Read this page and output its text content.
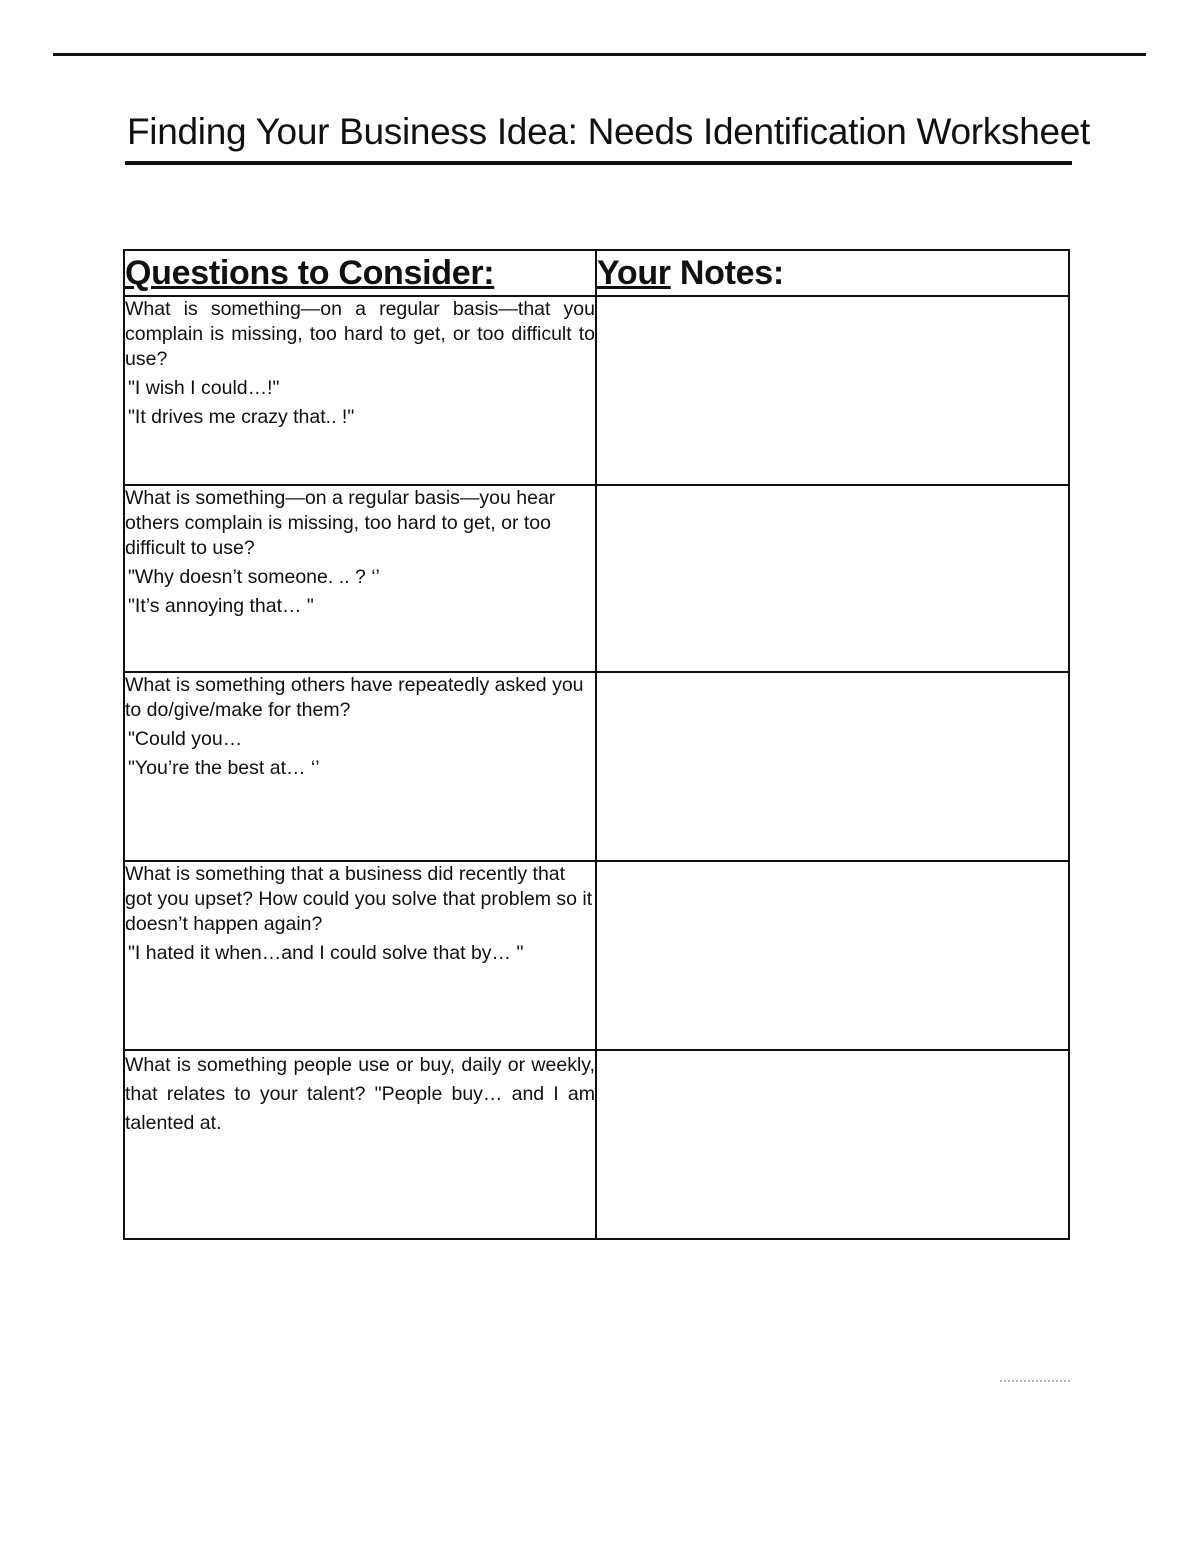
Finding Your Business Idea: Needs Identification Worksheet
Questions to Consider:	Your Notes:

What is something—on a regular basis—that you complain is missing, too hard to get, or too difficult to use?
"I wish I could…!"
"It drives me crazy that.. !"	

What is something—on a regular basis—you hear others complain is missing, too hard to get, or too difficult to use?
"Why doesn’t someone. .. ? ‘’
"It’s annoying that… "	

What is something others have repeatedly asked you to do/give/make for them?
"Could you…
"You’re the best at… ‘’	

What is something that a business did recently that got you upset? How could you solve that problem so it doesn’t happen again?
"I hated it when…and I could solve that by… "	

What is something people use or buy, daily or weekly, that relates to your talent? "People buy… and I am talented at.	
